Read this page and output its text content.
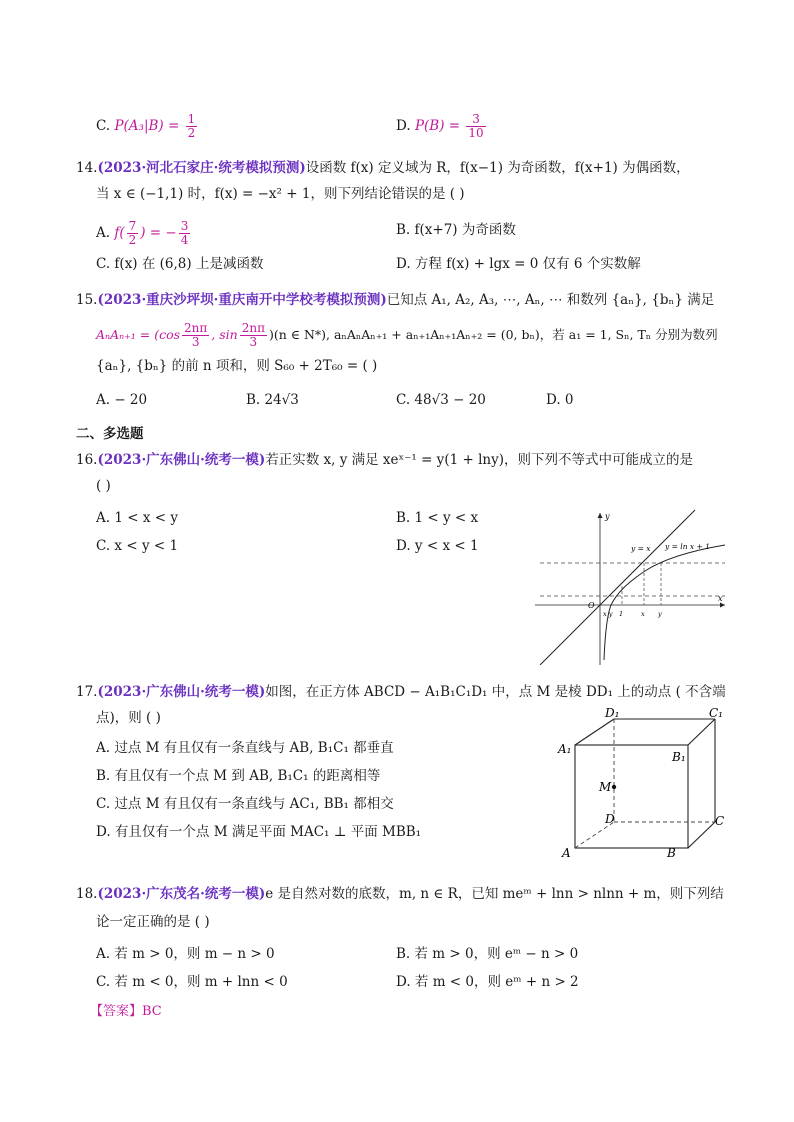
C. $P(A_3|B) = \frac{1}{2}$	D. $P(B) = \frac{3}{10}$
14.(2023·河北石家庄·统考模拟预测)设函数 f(x) 定义域为 R，f(x−1) 为奇函数，f(x+1) 为偶函数，
当 x ∈ (−1,1) 时，f(x) = −x² + 1，则下列结论错误的是 ( )
A. $f( \frac{7}{2}$ ) = − $\frac{3}{4}$	B. f(x+7) 为奇函数
C. f(x) 在 (6,8) 上是减函数	D. 方程 f(x) + lgx = 0 仅有 6 个实数解
15.(2023·重庆沙坪坝·重庆南开中学校考模拟预测)已知点 A₁, A₂, A₃, ⋯, Aₙ, ⋯ 和数列 {aₙ}, {bₙ} 满足
$A_nA_{n+1} = (\cos \frac{2n\pi}{3}$ , $\sin \frac{2n\pi}{3} )(n$ ∈ N*), aₙAₙAₙ₊₁ + aₙ₊₁Aₙ₊₁Aₙ₊₂ = (0, bₙ)，若 a₁ = 1, Sₙ, Tₙ 分别为数列
{aₙ}, {bₙ} 的前 n 项和，则 S₆₀ + 2T₆₀ = ( )
A. − 20	B. 24√3	C. 48√3 − 20	D. 0
二、多选题
16.(2023·广东佛山·统考一模)若正实数 x, y 满足 xeˣ⁻¹ = y(1 + lny)，则下列不等式中可能成立的是
( )
A. 1 < x < y	B. 1 < y < x
C. x < y < 1	D. y < x < 1
y
x
y = x y = ln x + 1
O
x y 1	x y
17.(2023·广东佛山·统考一模)如图，在正方体 ABCD − A₁B₁C₁D₁ 中，点 M 是棱 DD₁ 上的动点 ( 不含端
点)，则 ( )
A. 过点 M 有且仅有一条直线与 AB, B₁C₁ 都垂直
B. 有且仅有一个点 M 到 AB, B₁C₁ 的距离相等
C. 过点 M 有且仅有一条直线与 AC₁, BB₁ 都相交
D. 有且仅有一个点 M 满足平面 MAC₁ ⊥ 平面 MBB₁
D₁	C₁
A₁
B₁
M
D	C
A	B
18.(2023·广东茂名·统考一模)e 是自然对数的底数，m, n ∈ R，已知 meᵐ + lnn > nlnn + m，则下列结
论一定正确的是 ( )
A. 若 m > 0，则 m − n > 0	B. 若 m > 0，则 eᵐ − n > 0
C. 若 m < 0，则 m + lnn < 0	D. 若 m < 0，则 eᵐ + n > 2
【答案】BC
